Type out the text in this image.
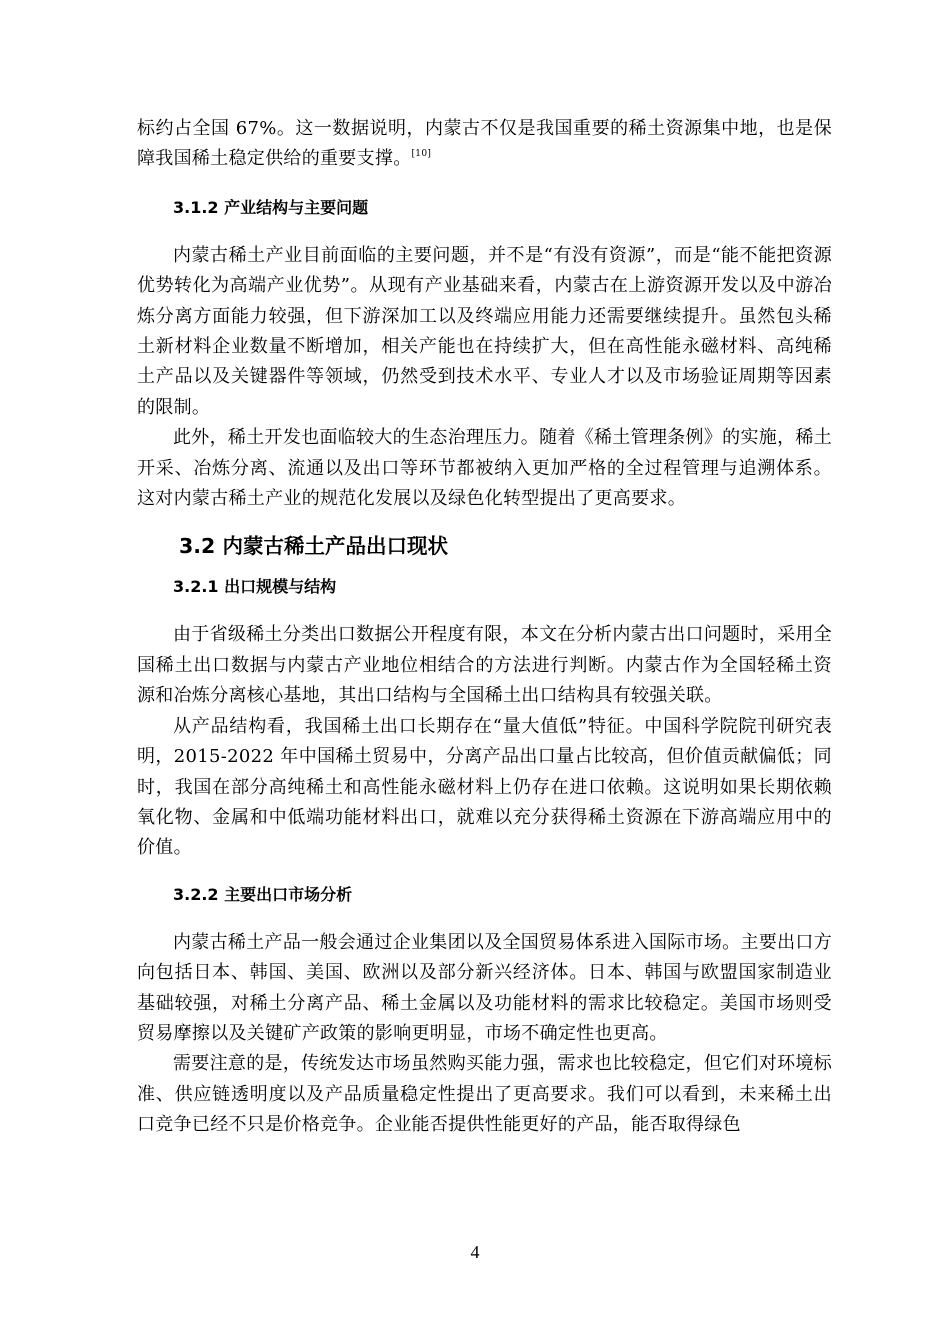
标约占全国 67%。这一数据说明，内蒙古不仅是我国重要的稀土资源集中地，也是保障我国稀土稳定供给的重要支撑。[10]

3.1.2 产业结构与主要问题

内蒙古稀土产业目前面临的主要问题，并不是“有没有资源”，而是“能不能把资源优势转化为高端产业优势”。从现有产业基础来看，内蒙古在上游资源开发以及中游冶炼分离方面能力较强，但下游深加工以及终端应用能力还需要继续提升。虽然包头稀土新材料企业数量不断增加，相关产能也在持续扩大，但在高性能永磁材料、高纯稀土产品以及关键器件等领域，仍然受到技术水平、专业人才以及市场验证周期等因素的限制。

此外，稀土开发也面临较大的生态治理压力。随着《稀土管理条例》的实施，稀土开采、冶炼分离、流通以及出口等环节都被纳入更加严格的全过程管理与追溯体系。这对内蒙古稀土产业的规范化发展以及绿色化转型提出了更高要求。

3.2 内蒙古稀土产品出口现状
3.2.1 出口规模与结构

由于省级稀土分类出口数据公开程度有限，本文在分析内蒙古出口问题时，采用全国稀土出口数据与内蒙古产业地位相结合的方法进行判断。内蒙古作为全国轻稀土资源和冶炼分离核心基地，其出口结构与全国稀土出口结构具有较强关联。

从产品结构看，我国稀土出口长期存在“量大值低”特征。中国科学院院刊研究表明，2015-2022 年中国稀土贸易中，分离产品出口量占比较高，但价值贡献偏低；同时，我国在部分高纯稀土和高性能永磁材料上仍存在进口依赖。这说明如果长期依赖氧化物、金属和中低端功能材料出口，就难以充分获得稀土资源在下游高端应用中的价值。

3.2.2 主要出口市场分析

内蒙古稀土产品一般会通过企业集团以及全国贸易体系进入国际市场。主要出口方向包括日本、韩国、美国、欧洲以及部分新兴经济体。日本、韩国与欧盟国家制造业基础较强，对稀土分离产品、稀土金属以及功能材料的需求比较稳定。美国市场则受贸易摩擦以及关键矿产政策的影响更明显，市场不确定性也更高。

需要注意的是，传统发达市场虽然购买能力强，需求也比较稳定，但它们对环境标准、供应链透明度以及产品质量稳定性提出了更高要求。我们可以看到，未来稀土出口竞争已经不只是价格竞争。企业能否提供性能更好的产品，能否取得绿色

4
